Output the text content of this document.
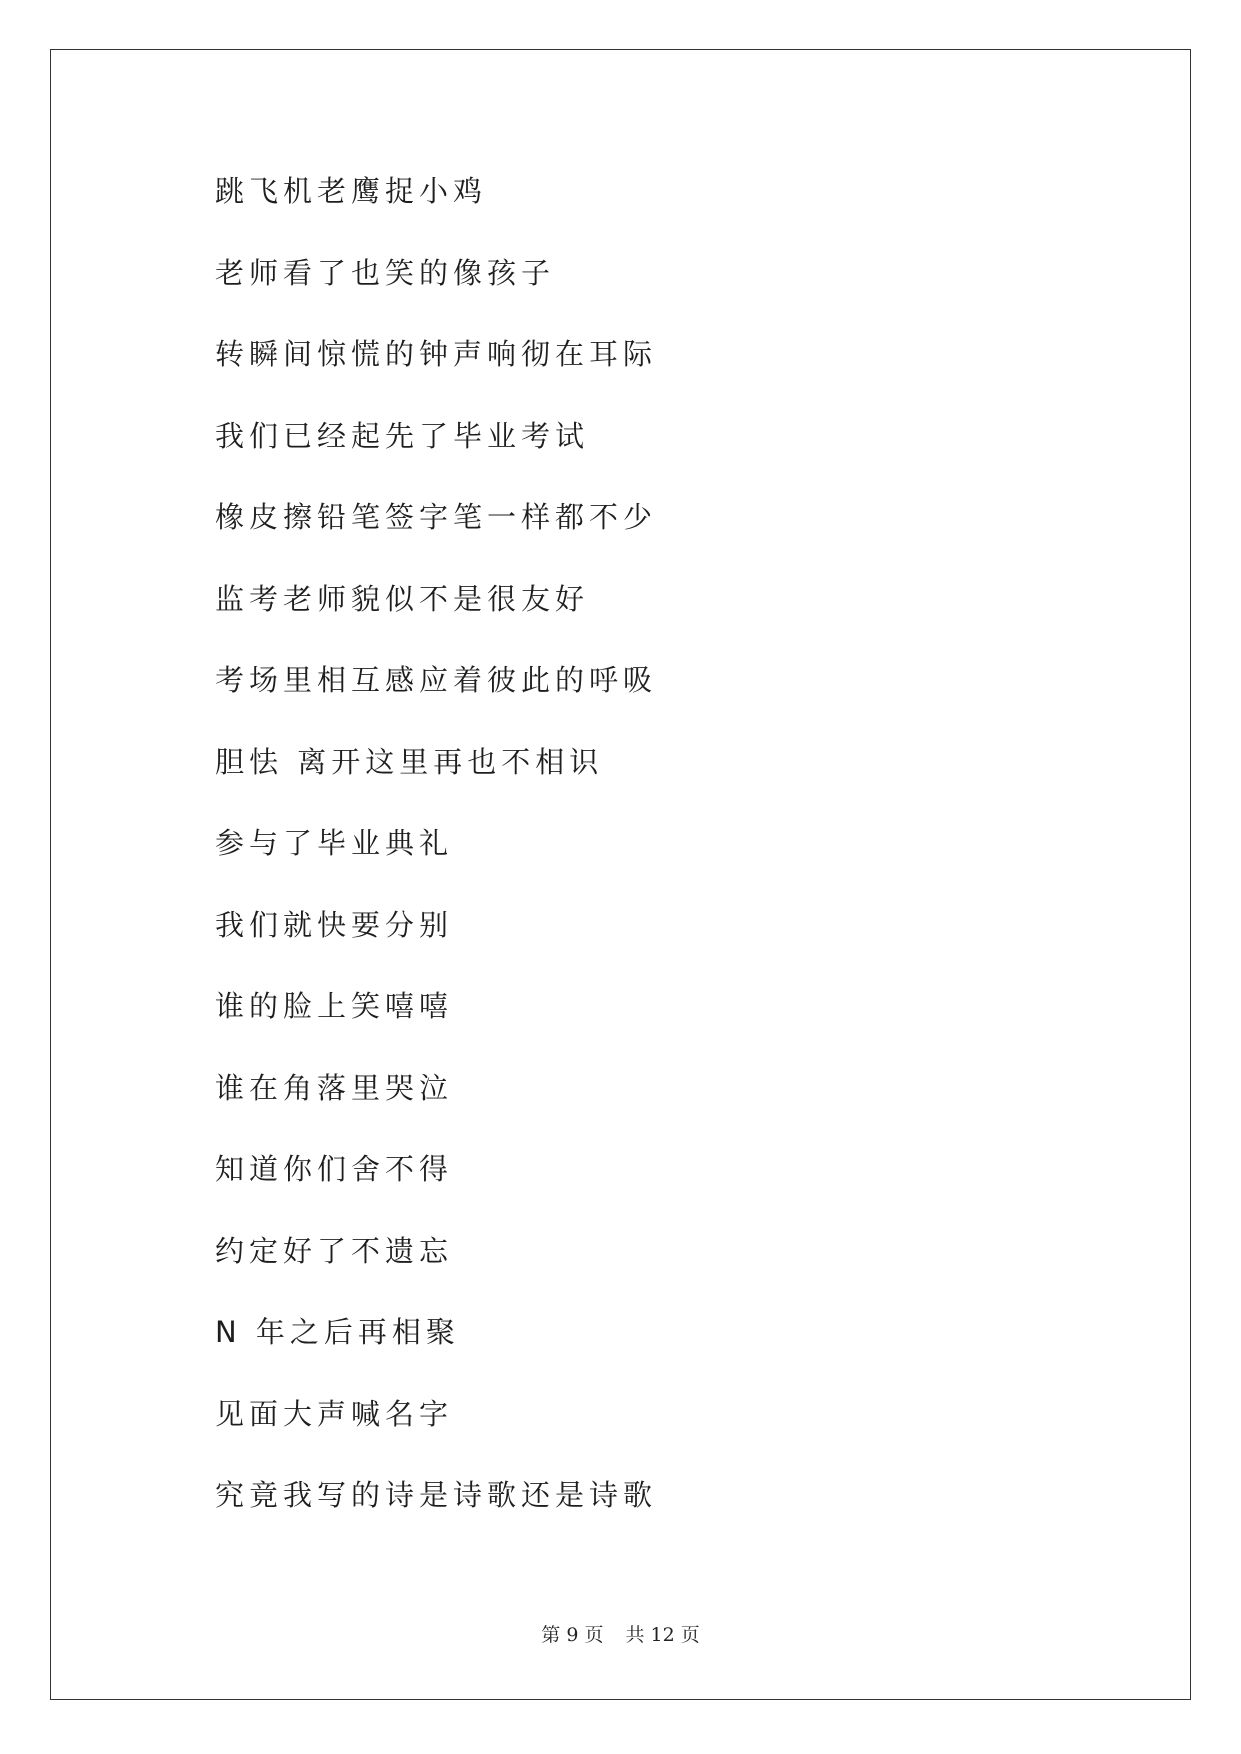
跳飞机老鹰捉小鸡
老师看了也笑的像孩子
转瞬间惊慌的钟声响彻在耳际
我们已经起先了毕业考试
橡皮擦铅笔签字笔一样都不少
监考老师貌似不是很友好
考场里相互感应着彼此的呼吸
胆怯 离开这里再也不相识
参与了毕业典礼
我们就快要分别
谁的脸上笑嘻嘻
谁在角落里哭泣
知道你们舍不得
约定好了不遗忘
N 年之后再相聚
见面大声喊名字
究竟我写的诗是诗歌还是诗歌
第 9 页 共 12 页
